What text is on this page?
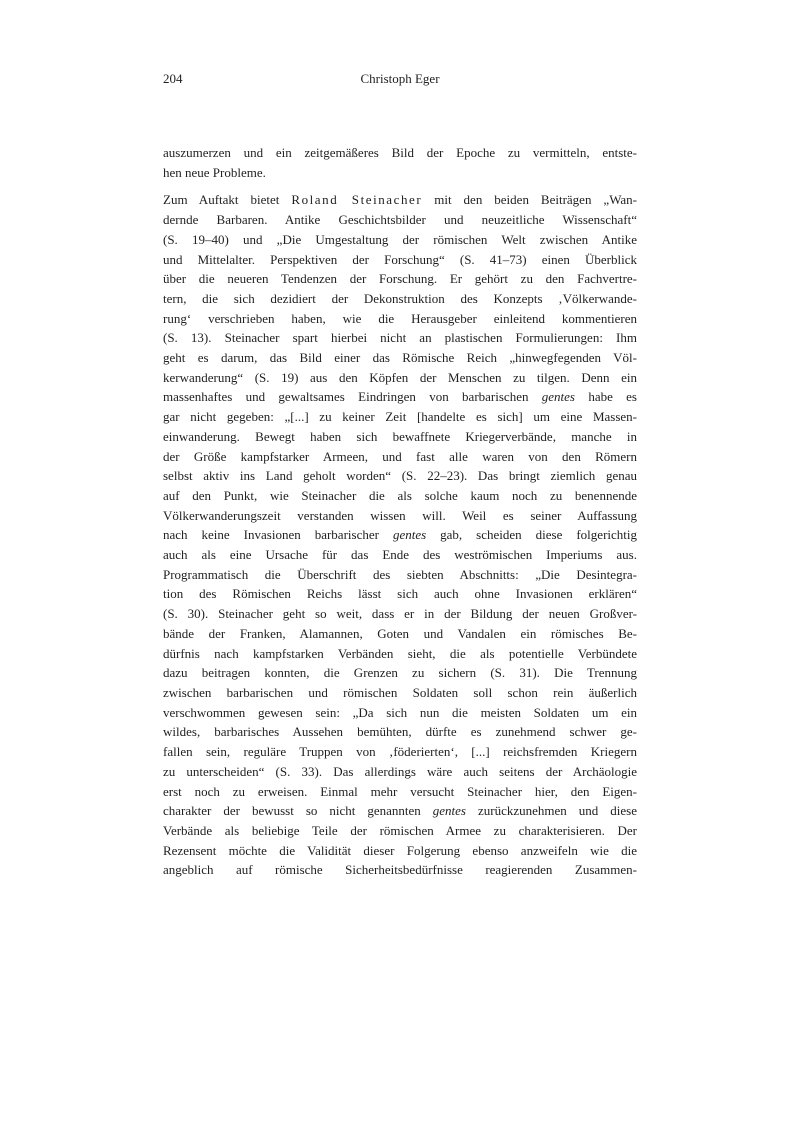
204	Christoph Eger
auszumerzen und ein zeitgemäßeres Bild der Epoche zu vermitteln, entste-
hen neue Probleme.
Zum Auftakt bietet Roland Steinacher mit den beiden Beiträgen „Wan-
dernde Barbaren. Antike Geschichtsbilder und neuzeitliche Wissenschaft“
(S. 19–40) und „Die Umgestaltung der römischen Welt zwischen Antike
und Mittelalter. Perspektiven der Forschung“ (S. 41–73) einen Überblick
über die neueren Tendenzen der Forschung. Er gehört zu den Fachvertre-
tern, die sich dezidiert der Dekonstruktion des Konzepts ‚Völkerwande-
rung‘ verschrieben haben, wie die Herausgeber einleitend kommentieren
(S. 13). Steinacher spart hierbei nicht an plastischen Formulierungen: Ihm
geht es darum, das Bild einer das Römische Reich „hinwegfegenden Völ-
kerwanderung“ (S. 19) aus den Köpfen der Menschen zu tilgen. Denn ein
massenhaftes und gewaltsames Eindringen von barbarischen gentes habe es
gar nicht gegeben: „[...] zu keiner Zeit [handelte es sich] um eine Massen-
einwanderung. Bewegt haben sich bewaffnete Kriegerverbände, manche in
der Größe kampfstarker Armeen, und fast alle waren von den Römern
selbst aktiv ins Land geholt worden“ (S. 22–23). Das bringt ziemlich genau
auf den Punkt, wie Steinacher die als solche kaum noch zu benennende
Völkerwanderungszeit verstanden wissen will. Weil es seiner Auffassung
nach keine Invasionen barbarischer gentes gab, scheiden diese folgerichtig
auch als eine Ursache für das Ende des weströmischen Imperiums aus.
Programmatisch die Überschrift des siebten Abschnitts: „Die Desintegra-
tion des Römischen Reichs lässt sich auch ohne Invasionen erklären“
(S. 30). Steinacher geht so weit, dass er in der Bildung der neuen Großver-
bände der Franken, Alamannen, Goten und Vandalen ein römisches Be-
dürfnis nach kampfstarken Verbänden sieht, die als potentielle Verbündete
dazu beitragen konnten, die Grenzen zu sichern (S. 31). Die Trennung
zwischen barbarischen und römischen Soldaten soll schon rein äußerlich
verschwommen gewesen sein: „Da sich nun die meisten Soldaten um ein
wildes, barbarisches Aussehen bemühten, dürfte es zunehmend schwer ge-
fallen sein, reguläre Truppen von ‚föderierten‘, [...] reichsfremden Kriegern
zu unterscheiden“ (S. 33). Das allerdings wäre auch seitens der Archäologie
erst noch zu erweisen. Einmal mehr versucht Steinacher hier, den Eigen-
charakter der bewusst so nicht genannten gentes zurückzunehmen und diese
Verbände als beliebige Teile der römischen Armee zu charakterisieren. Der
Rezensent möchte die Validität dieser Folgerung ebenso anzweifeln wie die
angeblich auf römische Sicherheitsbedürfnisse reagierenden Zusammen-
